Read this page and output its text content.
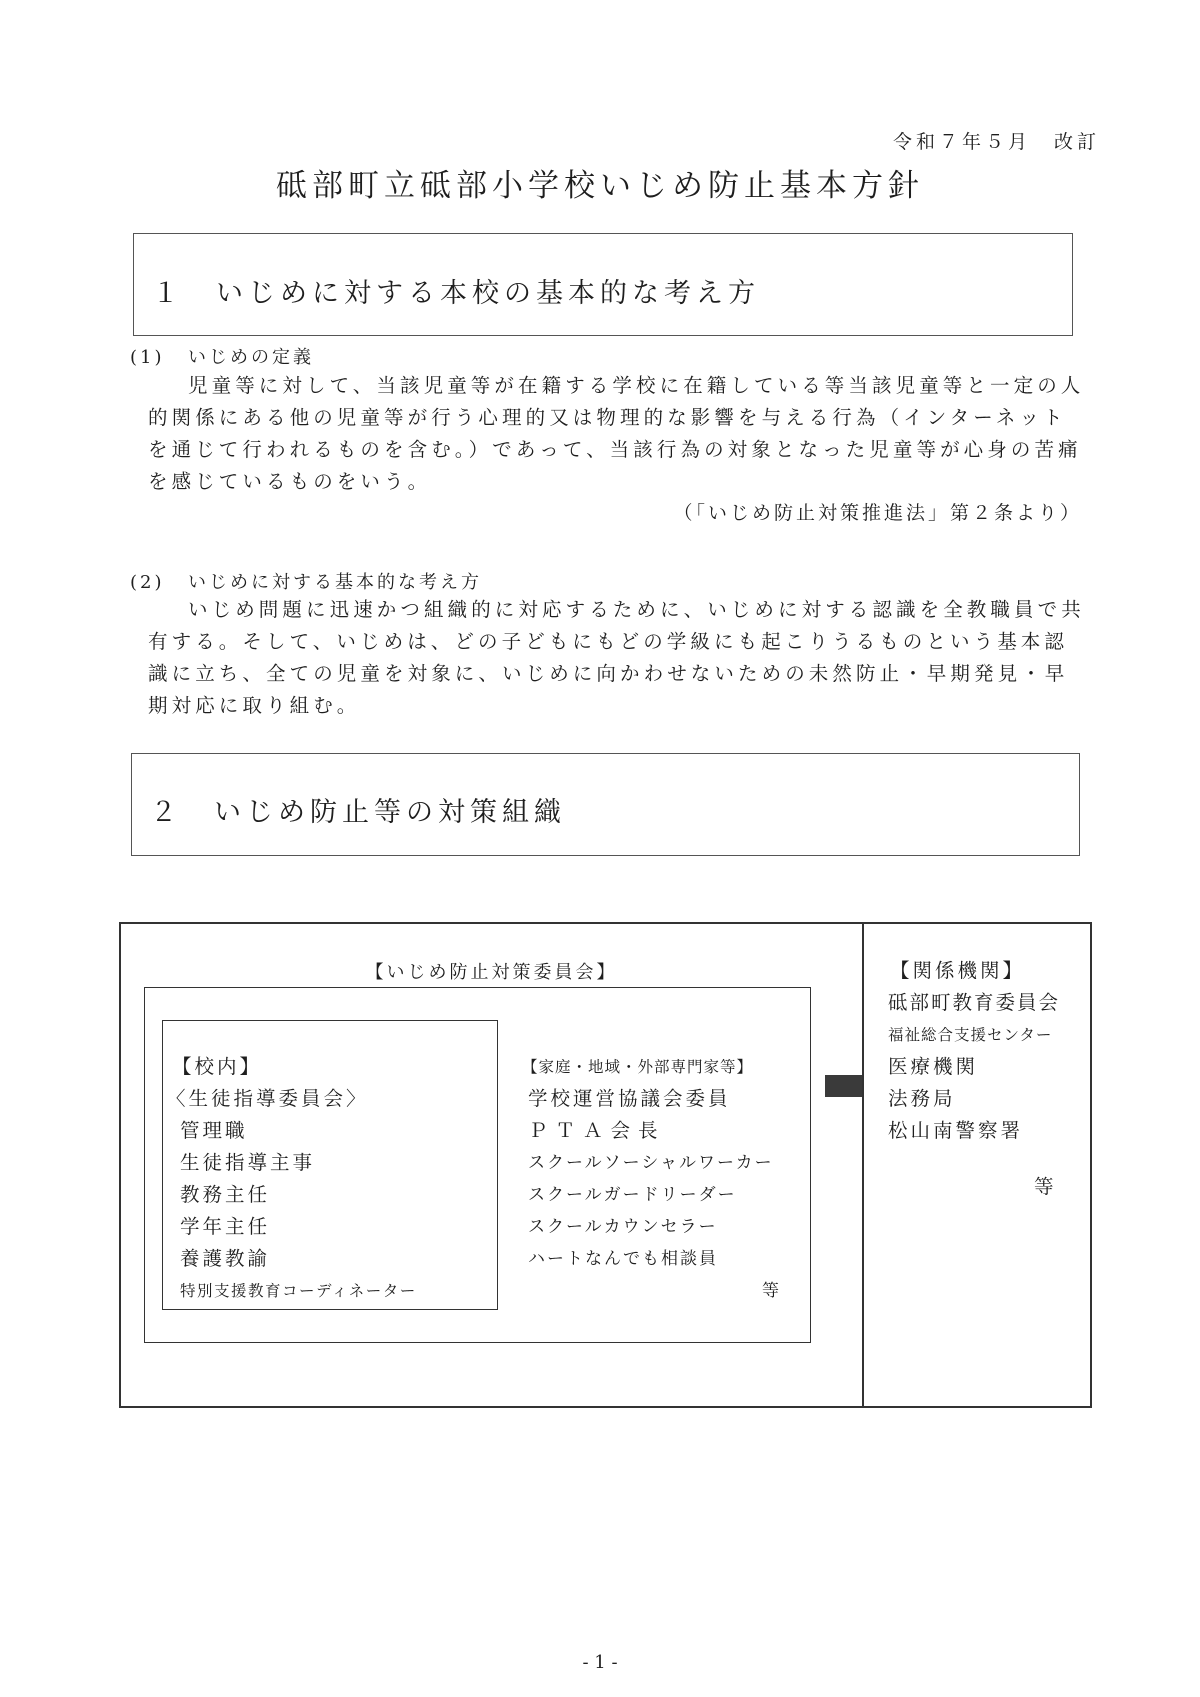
令和７年５月　改訂
砥部町立砥部小学校いじめ防止基本方針
１　いじめに対する本校の基本的な考え方
(1) いじめの定義
児童等に対して、当該児童等が在籍する学校に在籍している等当該児童等と一定の人的関係にある他の児童等が行う心理的又は物理的な影響を与える行為（インターネットを通じて行われるものを含む。）であって、当該行為の対象となった児童等が心身の苦痛を感じているものをいう。
（「いじめ防止対策推進法」第２条より）
(2) いじめに対する基本的な考え方
いじめ問題に迅速かつ組織的に対応するために、いじめに対する認識を全教職員で共有する。そして、いじめは、どの子どもにもどの学級にも起こりうるものという基本認識に立ち、全ての児童を対象に、いじめに向かわせないための未然防止・早期発見・早期対応に取り組む。
２　いじめ防止等の対策組織
【いじめ防止対策委員会】
【校内】
〈生徒指導委員会〉
管理職
生徒指導主事
教務主任
学年主任
養護教諭
特別支援教育コーディネーター
【家庭・地域・外部専門家等】
学校運営協議会委員
ＰＴＡ会長
スクールソーシャルワーカー
スクールガードリーダー
スクールカウンセラー
ハートなんでも相談員
等
【関係機関】
砥部町教育委員会
福祉総合支援センター
医療機関
法務局
松山南警察署
等
- 1 -
